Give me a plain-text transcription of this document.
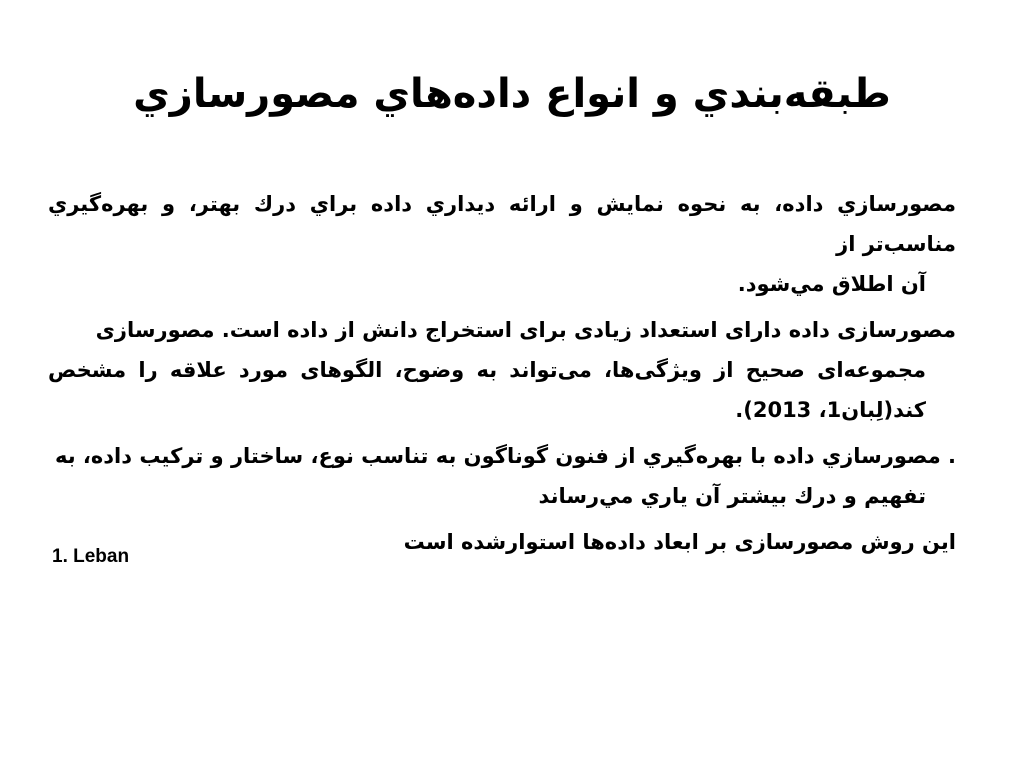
طبقه‌بندي و انواع داده‌هاي مصورسازي

مصورسازي داده، به نحوه نمايش و ارائه ديداري داده براي درك بهتر، و بهره‌گيري مناسب‌تر از
آن اطلاق مي‌شود.

مصورسازی داده دارای استعداد زیادی برای استخراج دانش از داده است. مصورسازی
مجموعه‌ای صحیح از ویژگی‌ها، می‌تواند به وضوح، الگوهای مورد علاقه را مشخص کند(لِبان1، 2013).

. مصورسازي داده با بهره‌گيري از فنون گوناگون به تناسب نوع، ساختار و تركيب داده، به
تفهيم و درك بيشتر آن ياري مي‌رساند

این روش مصورسازی بر ابعاد داده‌ها استوارشده است

1. Leban
